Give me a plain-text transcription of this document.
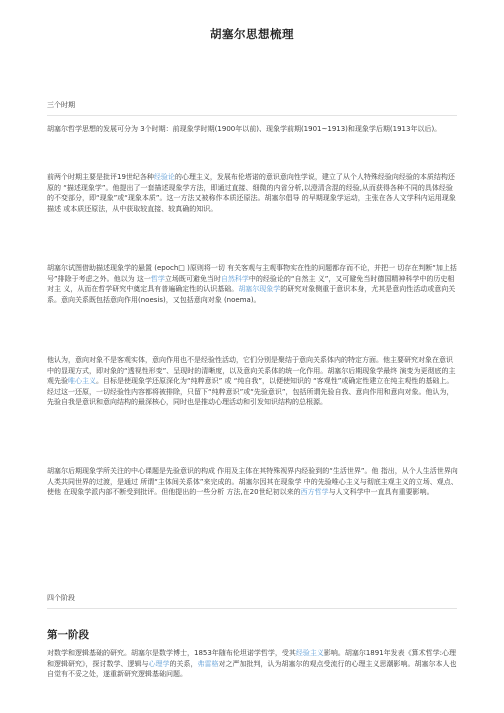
胡塞尔思想梳理
三个时期

胡塞尔哲学思想的发展可分为 3个时期：前现象学时期(1900年以前)、现象学前期(1901~1913)和现象学后期(1913年以后)。

前两个时期主要是批评19世纪各种经验论的心理主义，发展布伦塔诺的意识意向性学说，建立了从个人特殊经验向经验的本质结构还原的 “描述现象学”。他提出了一套描述现象学方法，即通过直接、细微的内省分析,以澄清含混的经验,从而获得各种不同的具体经验的不变部分，即“现象”或“现象本质”。这一方法又被称作本质还原法。胡塞尔倡导 的早期现象学运动，主张在各人文学科内运用现象描述 或本质还原法，从中获取较直接、较真确的知识。

胡塞尔试图借助描述现象学的悬置 (epoch□ )原则将一切 有关客观与主观事物实在性的问题都存而不论，并把一 切存在判断“加上括号”排除于考虑之外。他以为 这一哲学立场既可避免当时自然科学中的经验论的“自然主 义”，又可避免当时德国精神科学中的历史相对主 义，从而在哲学研究中奠定具有普遍确定性的认识基础。胡塞尔现象学的研究对象侧重于意识本身，尤其是意向性活动或意向关系。意向关系既包括意向作用(noesis)，又包括意向对象 (noema)。

他认为，意向对象不是客观实体，意向作用也不是经验性活动，它们分别是聚结于意向关系体内的特定方面。他主要研究对象在意识中的显现方式，即对象的“透视性形变”、呈现时的清晰度，以及意向关系体的统一化作用。胡塞尔后期现象学最终 演变为更彻底的主观先验唯心主义。目标是使现象学还原深化为“纯粹意识” 或 “纯自我”，以便使知识的 “客观性”或确定性建立在纯主观性的基础上。经过这一还原，一切经验性内容都将被排除，只留下“纯粹意识”或“先验意识”，包括所谓先验自我、意向作用和意向对象。他认为，先验自我是意识和意向结构的最深核心，同时也是推动心理活动和引发知识结构的总根源。

胡塞尔后期现象学所关注的中心课题是先验意识的构成 作用及主体在其特殊视界内经验到的“生活世界”。他 指出，从个人生活世界向人类共同世界的过渡，是通过 所谓“主体间关系体”来完成的。胡塞尔因其在现象学 中的先验唯心主义与彻底主观主义的立场、观点、使他 在现象学派内部不断受到批评。但他提出的一些分析 方法,在20世纪初以来的西方哲学与人文科学中一直具有重要影响。

四个阶段
第一阶段

对数学和逻辑基础的研究。胡塞尔是数学博士，1853年随布伦坦诺学哲学，受其经验主义影响。胡塞尔1891年发表《算术哲学:心理和逻辑研究》，探讨数学、逻辑与心理学的关系，弗雷格对之严加批判，认为胡塞尔的观点受流行的心理主义思潮影响。胡塞尔本人也自觉有不妥之处，遂重新研究逻辑基础问题。
